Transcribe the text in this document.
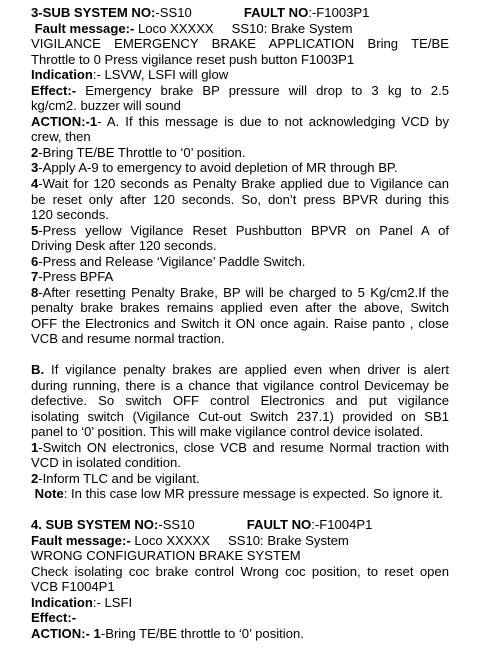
3-SUB SYSTEM NO:-SS10	FAULT NO:-F1003P1
Fault message:- Loco XXXXX SS10: Brake System
VIGILANCE EMERGENCY BRAKE APPLICATION Bring TE/BE
Throttle to 0 Press vigilance reset push button F1003P1
Indication:- LSVW, LSFI will glow
Effect:- Emergency brake BP pressure will drop to 3 kg to 2.5
kg/cm2. buzzer will sound
ACTION:-1- A. If this message is due to not acknowledging VCD by
crew, then
2-Bring TE/BE Throttle to ‘0’ position.
3-Apply A-9 to emergency to avoid depletion of MR through BP.
4-Wait for 120 seconds as Penalty Brake applied due to Vigilance can
be reset only after 120 seconds. So, don’t press BPVR during this
120 seconds.
5-Press yellow Vigilance Reset Pushbutton BPVR on Panel A of
Driving Desk after 120 seconds.
6-Press and Release ‘Vigilance’ Paddle Switch.
7-Press BPFA
8-After resetting Penalty Brake, BP will be charged to 5 Kg/cm2.If the
penalty brake brakes remains applied even after the above, Switch
OFF the Electronics and Switch it ON once again. Raise panto , close
VCB and resume normal traction.
B. If vigilance penalty brakes are applied even when driver is alert
during running, there is a chance that vigilance control Devicemay be
defective. So switch OFF control Electronics and put vigilance
isolating switch (Vigilance Cut-out Switch 237.1) provided on SB1
panel to ‘0’ position. This will make vigilance control device isolated.
1-Switch ON electronics, close VCB and resume Normal traction with
VCD in isolated condition.
2-Inform TLC and be vigilant.
Note: In this case low MR pressure message is expected. So ignore it.
4. SUB SYSTEM NO:-SS10	FAULT NO:-F1004P1
Fault message:- Loco XXXXX SS10: Brake System
WRONG CONFIGURATION BRAKE SYSTEM
Check isolating coc brake control Wrong coc position, to reset open
VCB F1004P1
Indication:- LSFI
Effect:-
ACTION:- 1-Bring TE/BE throttle to ‘0’ position.
